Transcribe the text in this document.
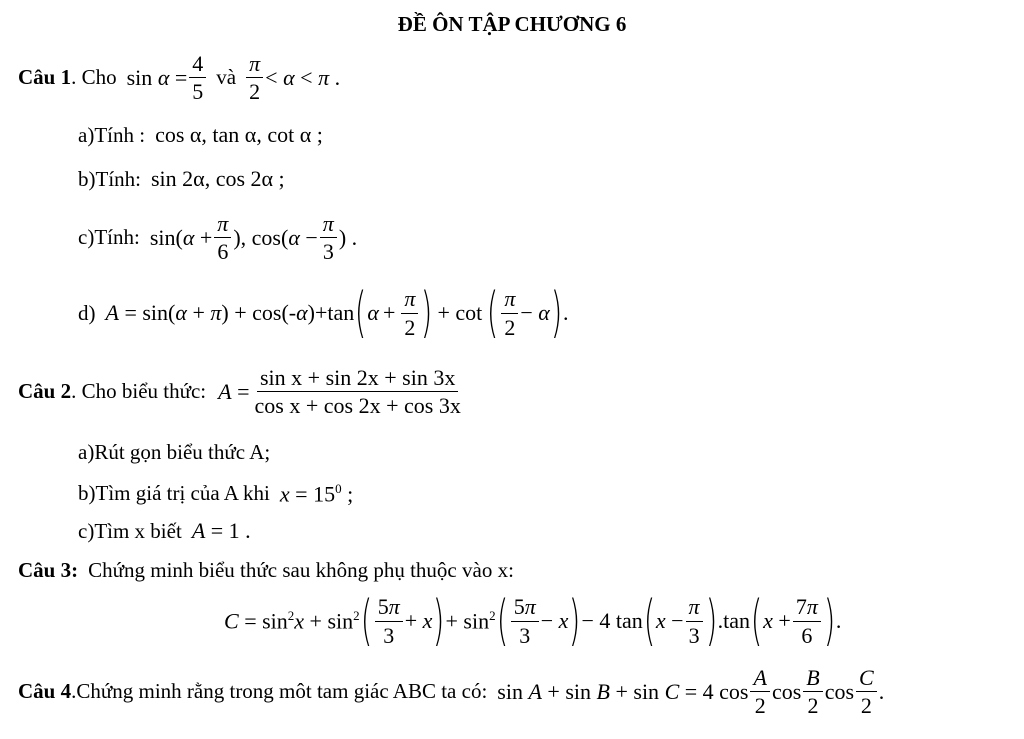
ĐỀ ÔN TẬP CHƯƠNG 6
Câu 1 . Cho $\sin \alpha = \frac{4}{5}$ và $\frac{\pi}{2} < \alpha < \pi$ .
a)Tính : cos α, tan α, cot α ;
b)Tính: sin 2α, cos 2α ;
c)Tính: $\sin(\alpha + \frac{\pi}{6}$ ), $\cos(\alpha - \frac{\pi}{3}$ ) .
d) A = sin(α + π) + cos(-α)+tan ( $\alpha + \frac{\pi}{2}$ ) + cot ( $\frac{\pi}{2} - \alpha$ ) .
Câu 2 . Cho biểu thức: $A = \frac{\text{sin x + sin 2x + sin 3x}}{\text{cos x + cos 2x + cos 3x}}$
a)Rút gọn biểu thức A;
b)Tìm giá trị của A khi $x = 15^0$ ;
c)Tìm x biết A = 1 .
Câu 3: Chứng minh biểu thức sau không phụ thuộc vào x:
$C = \sin^2x + \sin^2$ ( $\frac{5\pi}{3} + x$ ) + $\sin^2$ ( $\frac{5\pi}{3} - x$ ) − 4 tan ( $x - \frac{\pi}{3}$ ) .tan ( $x + \frac{7\pi}{6}$ ) .
Câu 4 .Chứng minh rằng trong môt tam giác ABC ta có: sin A + sin B + sin C = 4 $\cos \frac{A}{2}$ $\cos \frac{B}{2}$ $\cos \frac{C}{2}$ .
